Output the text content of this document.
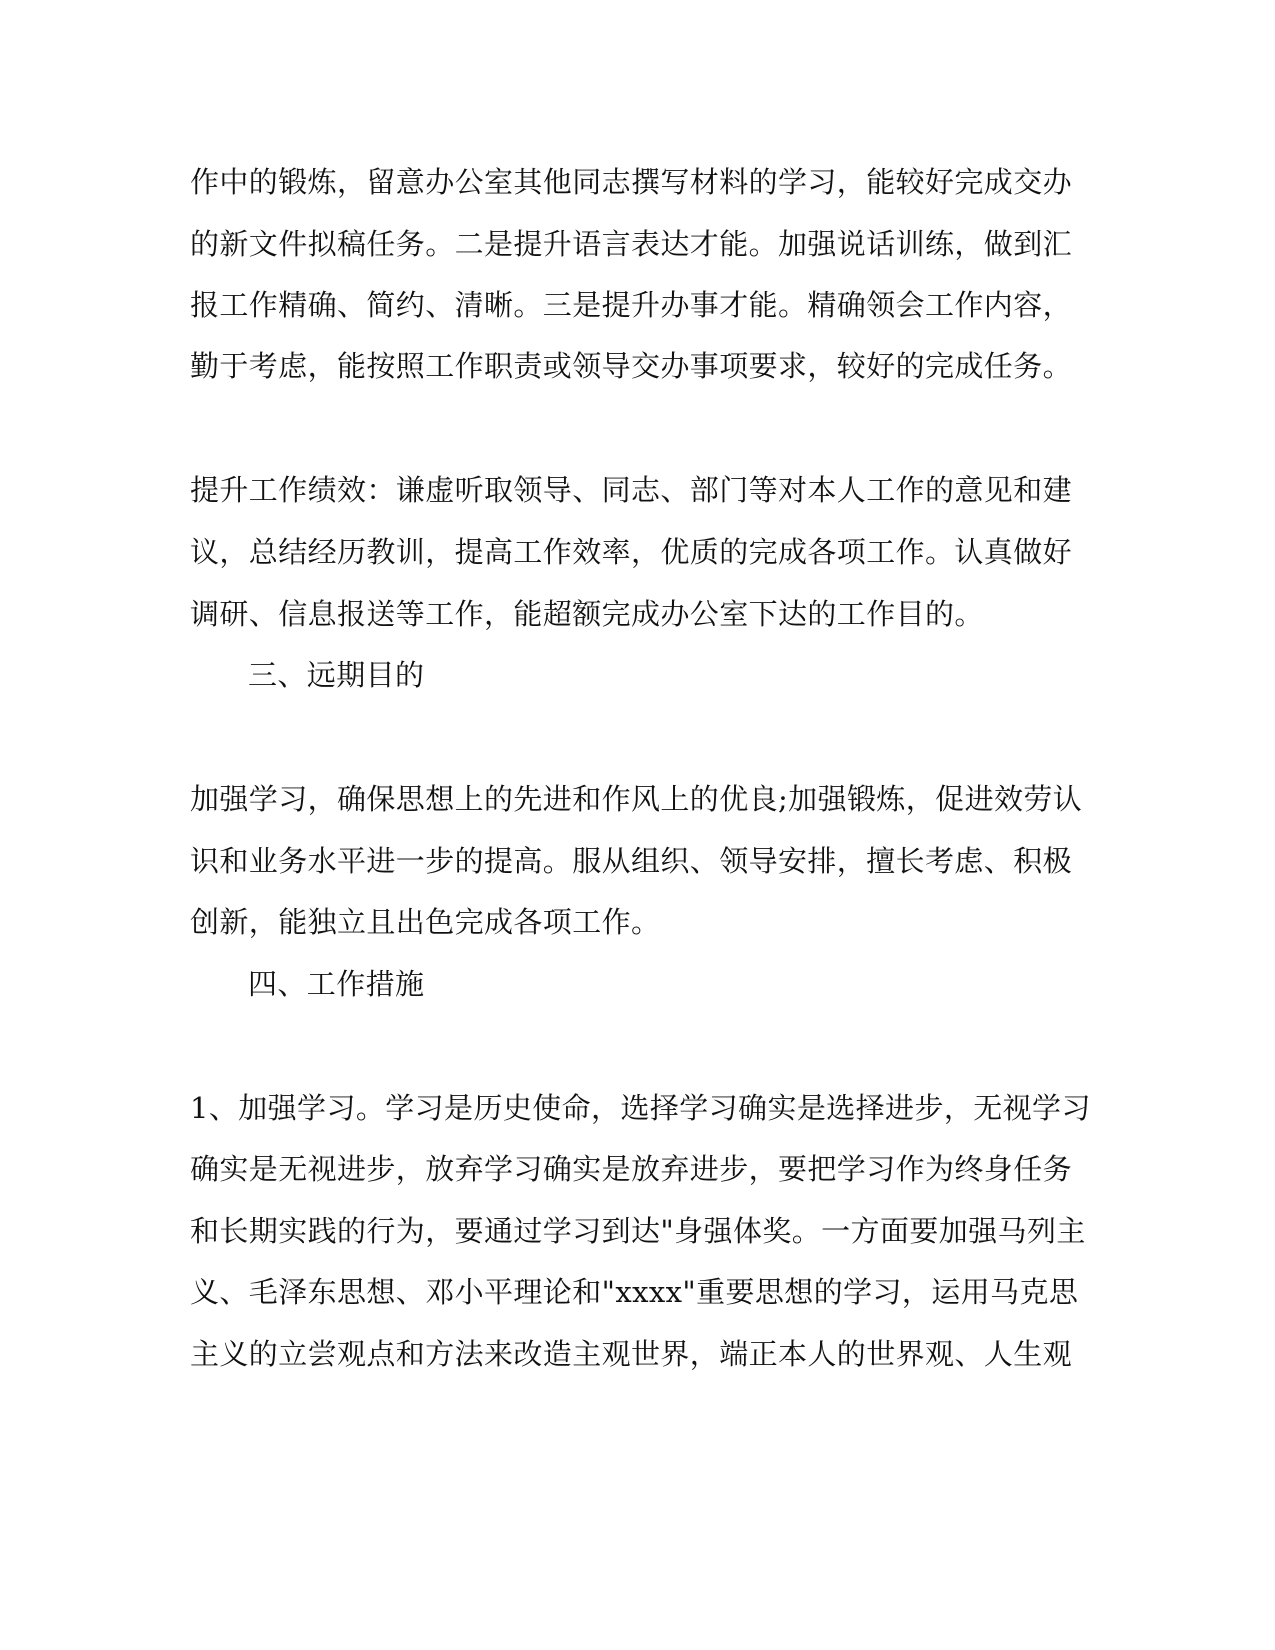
作中的锻炼，留意办公室其他同志撰写材料的学习，能较好完成交办
的新文件拟稿任务。二是提升语言表达才能。加强说话训练，做到汇
报工作精确、简约、清晰。三是提升办事才能。精确领会工作内容，
勤于考虑，能按照工作职责或领导交办事项要求，较好的完成任务。
提升工作绩效：谦虚听取领导、同志、部门等对本人工作的意见和建
议，总结经历教训，提高工作效率，优质的完成各项工作。认真做好
调研、信息报送等工作，能超额完成办公室下达的工作目的。
三、远期目的
加强学习，确保思想上的先进和作风上的优良;加强锻炼，促进效劳认
识和业务水平进一步的提高。服从组织、领导安排，擅长考虑、积极
创新，能独立且出色完成各项工作。
四、工作措施
1、加强学习。学习是历史使命，选择学习确实是选择进步，无视学习
确实是无视进步，放弃学习确实是放弃进步，要把学习作为终身任务
和长期实践的行为，要通过学习到达"身强体奖。一方面要加强马列主
义、毛泽东思想、邓小平理论和"xxxx"重要思想的学习，运用马克思
主义的立尝观点和方法来改造主观世界，端正本人的世界观、人生观
